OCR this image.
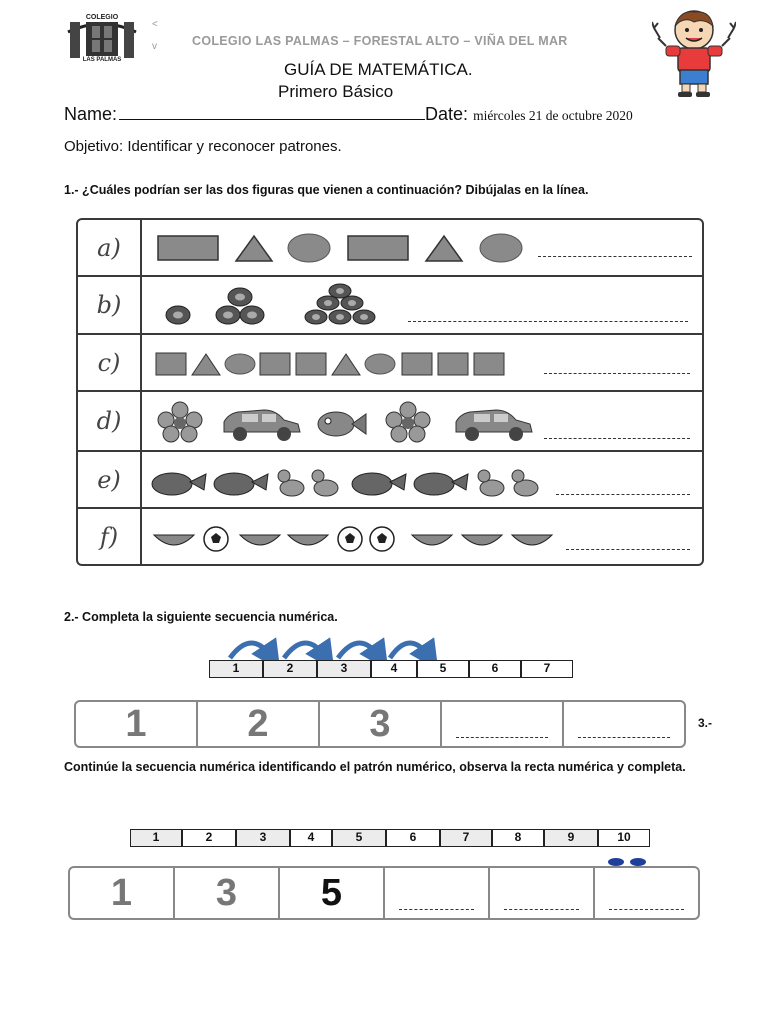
COLEGIO
LAS PALMAS
<
v	COLEGIO LAS PALMAS – FORESTAL ALTO – VIÑA DEL MAR
GUÍA DE MATEMÁTICA.
Primero Básico
Name:	Date: miércoles 21 de octubre 2020
Objetivo: Identificar y reconocer patrones.
1.- ¿Cuáles podrían ser las dos figuras que vienen a continuación? Dibújalas en la línea.
a)
b)
c)
d)
e)
f)
2.- Completa la siguiente secuencia numérica.
1	2	3	4	5	6	7
1	2	3	3.-
Continúe la secuencia numérica identificando el patrón numérico, observa la recta numérica y completa.
1	2	3	4	5	6	7	8	9	10
1	3	5
